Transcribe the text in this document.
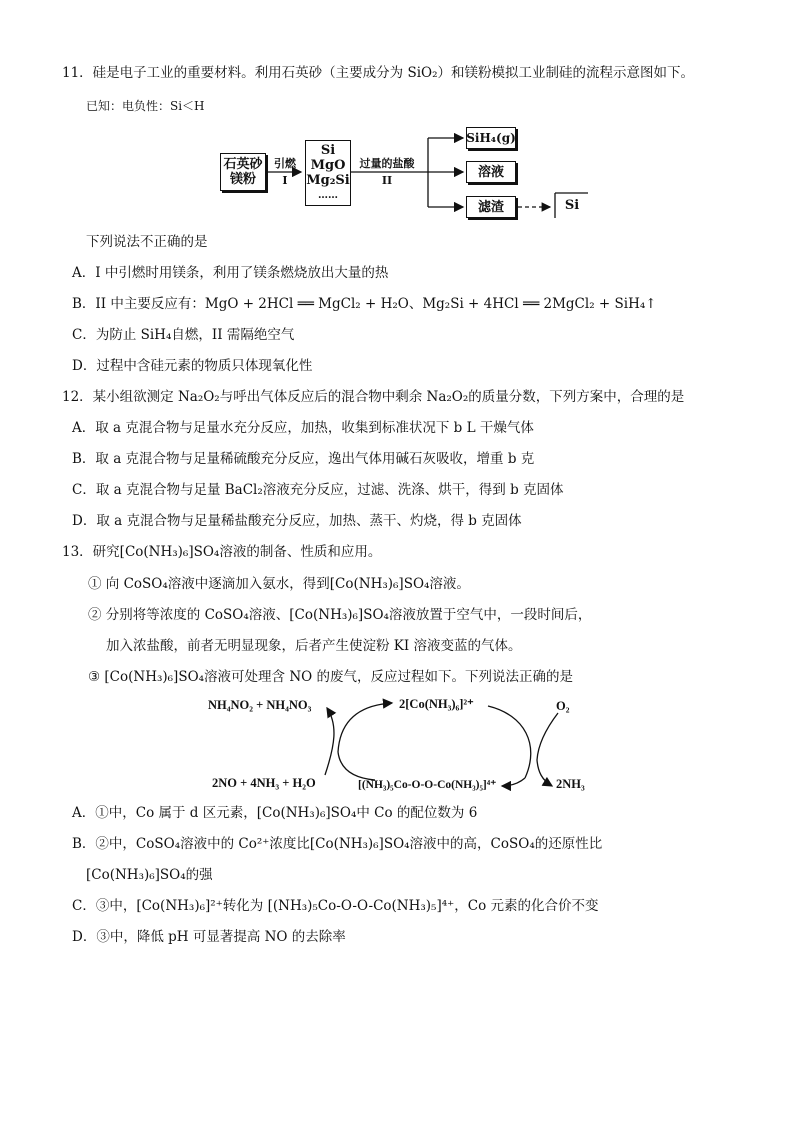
11．硅是电子工业的重要材料。利用石英砂（主要成分为 SiO₂）和镁粉模拟工业制硅的流程示意图如下。
已知：电负性：Si＜H
石英砂
镁粉
引燃
I
Si
MgO
Mg₂Si
……
过量的盐酸
II
SiH₄(g)
溶液
滤渣	Si
下列说法不正确的是
A．I 中引燃时用镁条，利用了镁条燃烧放出大量的热
B．II 中主要反应有：MgO + 2HCl ══ MgCl₂ + H₂O、Mg₂Si + 4HCl ══ 2MgCl₂ + SiH₄↑
C．为防止 SiH₄自燃，II 需隔绝空气
D．过程中含硅元素的物质只体现氧化性
12．某小组欲测定 Na₂O₂与呼出气体反应后的混合物中剩余 Na₂O₂的质量分数，下列方案中，合理的是
A．取 a 克混合物与足量水充分反应，加热，收集到标准状况下 b L 干燥气体
B．取 a 克混合物与足量稀硫酸充分反应，逸出气体用碱石灰吸收，增重 b 克
C．取 a 克混合物与足量 BaCl₂溶液充分反应，过滤、洗涤、烘干，得到 b 克固体
D．取 a 克混合物与足量稀盐酸充分反应，加热、蒸干、灼烧，得 b 克固体
13．研究[Co(NH₃)₆]SO₄溶液的制备、性质和应用。
① 向 CoSO₄溶液中逐滴加入氨水，得到[Co(NH₃)₆]SO₄溶液。
② 分别将等浓度的 CoSO₄溶液、[Co(NH₃)₆]SO₄溶液放置于空气中，一段时间后，
加入浓盐酸，前者无明显现象，后者产生使淀粉 KI 溶液变蓝的气体。
③ [Co(NH₃)₆]SO₄溶液可处理含 NO 的废气，反应过程如下。下列说法正确的是
NH₄NO₂ + NH₄NO₃	2[Co(NH₃)₆]²⁺	O₂
2NO + 4NH₃ + H₂O	[(NH₃)₅Co-O-O-Co(NH₃)₅]⁴⁺	2NH₃
A．①中，Co 属于 d 区元素，[Co(NH₃)₆]SO₄中 Co 的配位数为 6
B．②中，CoSO₄溶液中的 Co²⁺浓度比[Co(NH₃)₆]SO₄溶液中的高，CoSO₄的还原性比
[Co(NH₃)₆]SO₄的强
C．③中，[Co(NH₃)₆]²⁺转化为 [(NH₃)₅Co-O-O-Co(NH₃)₅]⁴⁺，Co 元素的化合价不变
D．③中，降低 pH 可显著提高 NO 的去除率
